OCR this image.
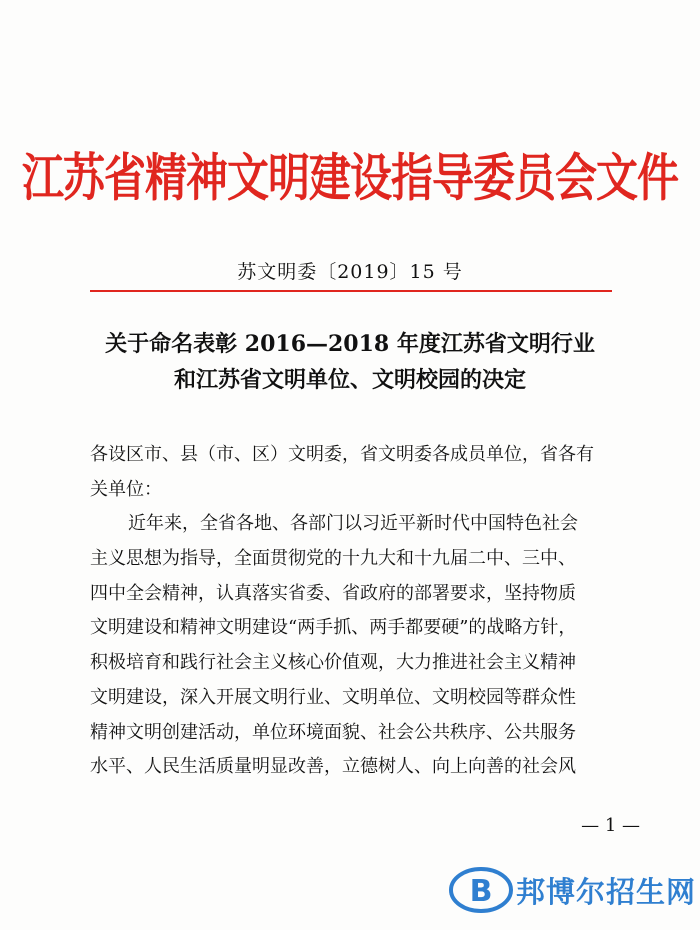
江苏省精神文明建设指导委员会文件
苏文明委〔2019〕15 号
关于命名表彰 2016—2018 年度江苏省文明行业
和江苏省文明单位、文明校园的决定
各设区市、县（市、区）文明委，省文明委各成员单位，省各有
关单位：
近年来，全省各地、各部门以习近平新时代中国特色社会
主义思想为指导，全面贯彻党的十九大和十九届二中、三中、
四中全会精神，认真落实省委、省政府的部署要求，坚持物质
文明建设和精神文明建设“两手抓、两手都要硬”的战略方针，
积极培育和践行社会主义核心价值观，大力推进社会主义精神
文明建设，深入开展文明行业、文明单位、文明校园等群众性
精神文明创建活动，单位环境面貌、社会公共秩序、公共服务
水平、人民生活质量明显改善，立德树人、向上向善的社会风
— 1 —
B 邦博尔招生网
